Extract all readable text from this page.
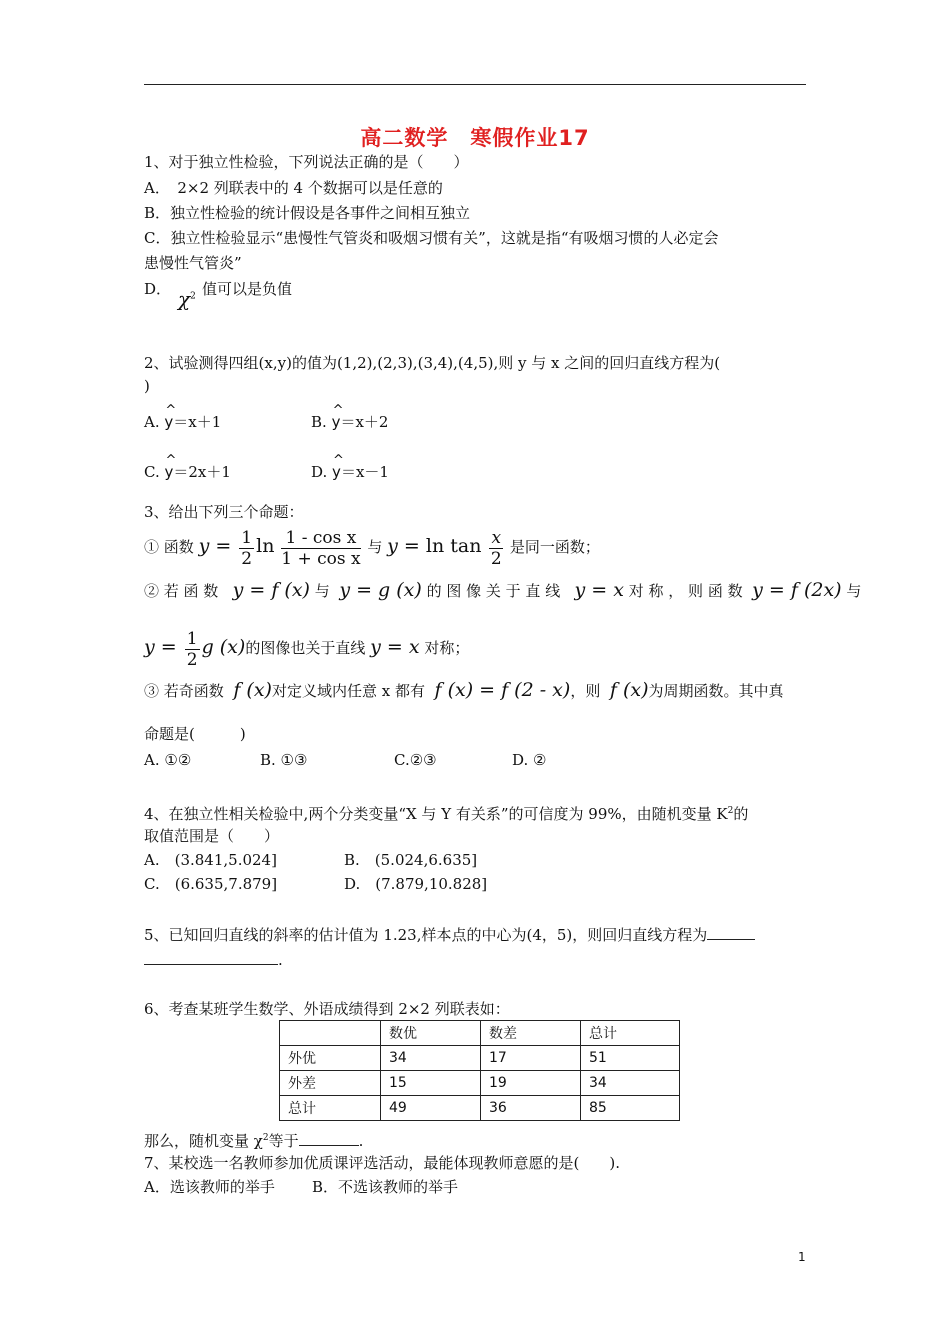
高二数学　寒假作业17
1、对于独立性检验，下列说法正确的是（　　）
A．　2×2 列联表中的 4 个数据可以是任意的
B．独立性检验的统计假设是各事件之间相互独立
C．独立性检验显示“患慢性气管炎和吸烟习惯有关”，这就是指“有吸烟习惯的人必定会
患慢性气管炎”
D． $\chi^2$ 值可以是负值
2、试验测得四组(x,y)的值为(1,2),(2,3),(3,4),(4,5),则 y 与 x 之间的回归直线方程为(
)
A.
^
y＝x＋1	B.
^
y＝x＋2
C.
^
y＝2x＋1	D.
^
y＝x－1
3、给出下列三个命题：
① 函数 $y = \frac{1}{2}$ $\ln \frac{\text{1 - cos x}}{\text{1 + cos x}}$ 与 $y = \ln \tan \frac{x}{2}$ 是同一函数；
② 若 函 数 y = f (x) 与 y = g (x) 的 图 像 关 于 直 线 y = x 对 称 ， 则 函 数 y = f (2x) 与
$y = \frac{1}{2}$ g (x)的图像也关于直线 y = x 对称；
③ 若奇函数 f (x)对定义域内任意 x 都有 f (x) = f (2 - x)，则 f (x)为周期函数。其中真
命题是(　　　)
A. ①②	B. ①③	C.②③	D. ②
4、在独立性相关检验中,两个分类变量“X 与 Y 有关系”的可信度为 99%，由随机变量 $K^2$的
取值范围是（　　）
A.　(3.841,5.024]	B.　(5.024,6.635]
C.　(6.635,7.879]	D.　(7.879,10.828]
5、已知回归直线的斜率的估计值为 1.23,样本点的中心为(4，5)，则回归直线方程为
.
6、考查某班学生数学、外语成绩得到 2×2 列联表如：
	数优	数差	总计
外优	34	17	51
外差	15	19	34
总计	49	36	85
那么，随机变量 $\chi^2$等于	.
7、某校选一名教师参加优质课评选活动，最能体现教师意愿的是(　　).
A．选该教师的举手 B．不选该教师的举手
1
